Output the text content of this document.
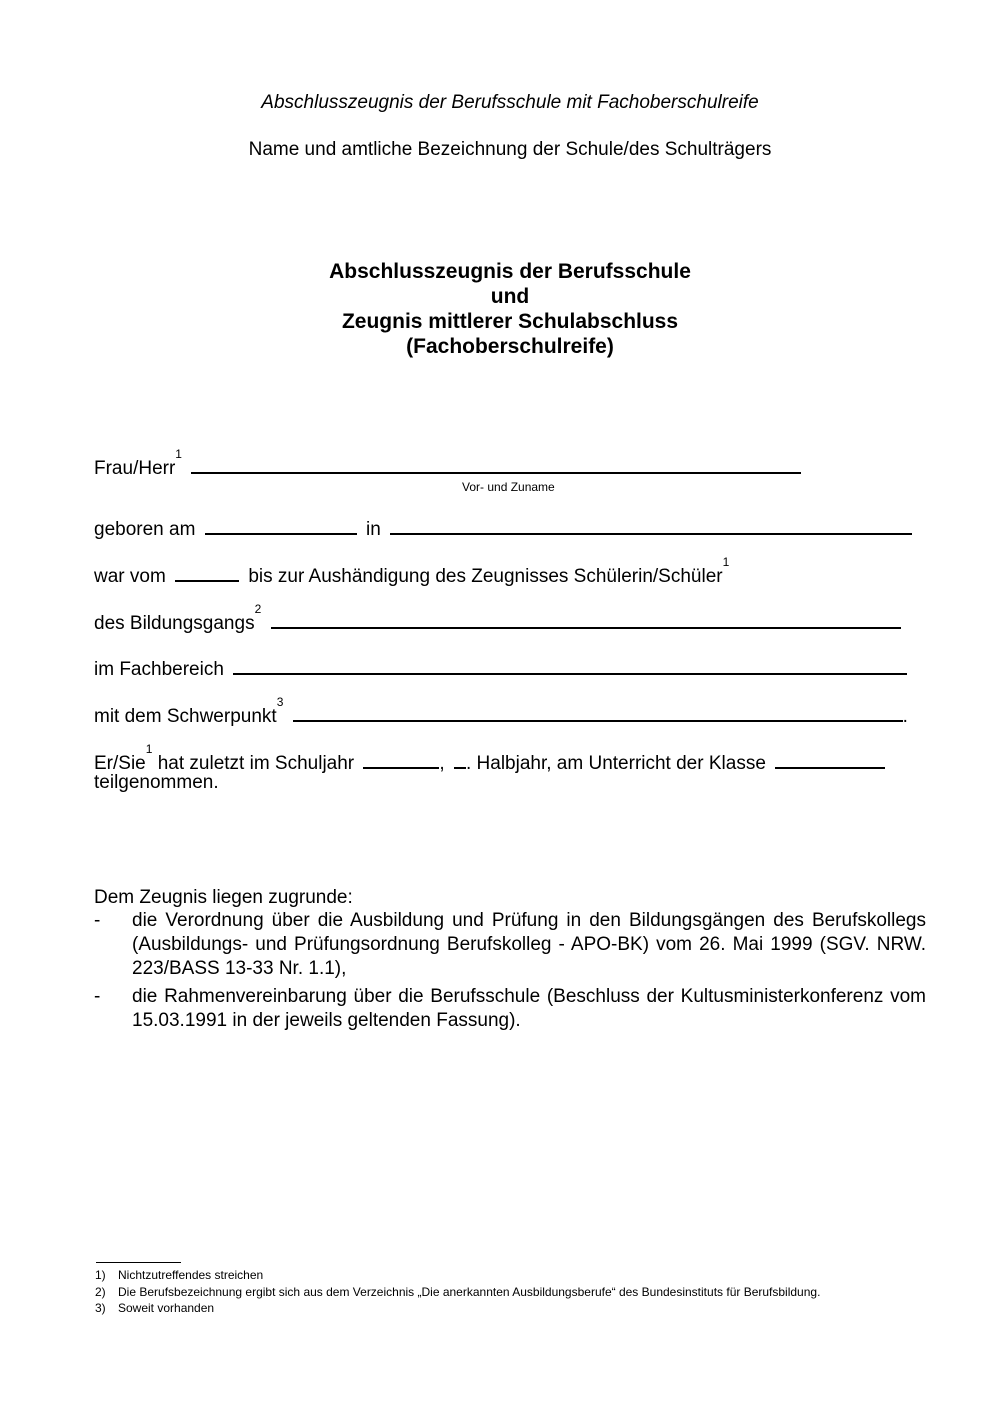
Abschlusszeugnis der Berufsschule mit Fachoberschulreife
Name und amtliche Bezeichnung der Schule/des Schulträgers
Abschlusszeugnis der Berufsschule
und
Zeugnis mittlerer Schulabschluss
(Fachoberschulreife)
Frau/Herr$^1$
Vor- und Zuname
geboren am	in
war vom	bis zur Aushändigung des Zeugnisses Schülerin/Schüler$^1$
des Bildungsgangs$^2$
im Fachbereich
mit dem Schwerpunkt$^3$ .
Er/Sie$^1$ hat zuletzt im Schuljahr	, . Halbjahr, am Unterricht der Klasse
teilgenommen.
Dem Zeugnis liegen zugrunde:
- die Verordnung über die Ausbildung und Prüfung in den Bildungsgängen des Berufskollegs (Ausbildungs- und Prüfungsordnung Berufskolleg - APO-BK) vom 26. Mai 1999 (SGV. NRW. 223/BASS 13-33 Nr. 1.1),
- die Rahmenvereinbarung über die Berufsschule (Beschluss der Kultusministerkonferenz vom 15.03.1991 in der jeweils geltenden Fassung).
1) Nichtzutreffendes streichen
2) Die Berufsbezeichnung ergibt sich aus dem Verzeichnis „Die anerkannten Ausbildungsberufe“ des Bundesinstituts für Berufsbildung.
3) Soweit vorhanden
